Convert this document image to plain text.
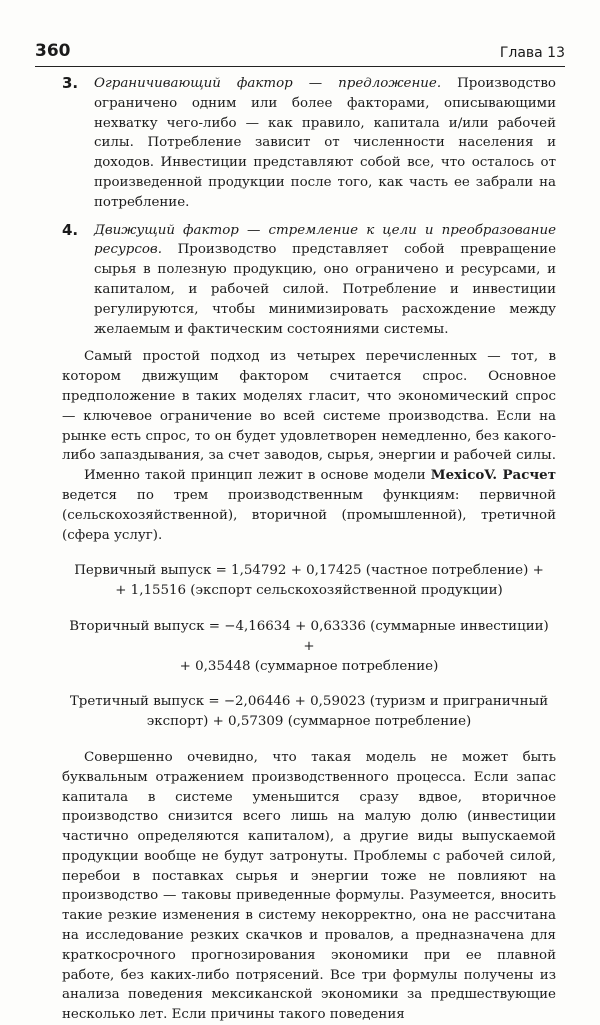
360	Глава 13
3. Ограничивающий фактор — предложение. Производство ограничено одним или более факторами, описывающими нехватку чего-либо — как правило, капитала и/или рабочей силы. Потребление зависит от численности населения и доходов. Инвестиции представляют собой все, что осталось от произведенной продукции после того, как часть ее забрали на потребление.
4. Движущий фактор — стремление к цели и преобразование ресурсов. Производство представляет собой превращение сырья в полезную продукцию, оно ограничено и ресурсами, и капиталом, и рабочей силой. Потребление и инвестиции регулируются, чтобы минимизировать расхождение между желаемым и фактическим состояниями системы.

Самый простой подход из четырех перечисленных — тот, в котором движущим фактором считается спрос. Основное предположение в таких моделях гласит, что экономический спрос — ключевое ограничение во всей системе производства. Если на рынке есть спрос, то он будет удовлетворен немедленно, без какого-либо запаздывания, за счет заводов, сырья, энергии и рабочей силы.

Именно такой принцип лежит в основе модели MexicoV. Расчет ведется по трем производственным функциям: первичной (сельскохозяйственной), вторичной (промышленной), третичной (сфера услуг).

Первичный выпуск = 1,54792 + 0,17425 (частное потребление) +
+ 1,15516 (экспорт сельскохозяйственной продукции)
Вторичный выпуск = −4,16634 + 0,63336 (суммарные инвестиции) +
+ 0,35448 (суммарное потребление)
Третичный выпуск = −2,06446 + 0,59023 (туризм и приграничный
экспорт) + 0,57309 (суммарное потребление)

Совершенно очевидно, что такая модель не может быть буквальным отражением производственного процесса. Если запас капитала в системе уменьшится сразу вдвое, вторичное производство снизится всего лишь на малую долю (инвестиции частично определяются капиталом), а другие виды выпускаемой продукции вообще не будут затронуты. Проблемы с рабочей силой, перебои в поставках сырья и энергии тоже не повлияют на производство — таковы приведенные формулы. Разумеется, вносить такие резкие изменения в систему некорректно, она не рассчитана на исследование резких скачков и провалов, а предназначена для краткосрочного прогнозирования экономики при ее плавной работе, без каких-либо потрясений. Все три формулы получены из анализа поведения мексиканской экономики за предшествующие несколько лет. Если причины такого поведения
